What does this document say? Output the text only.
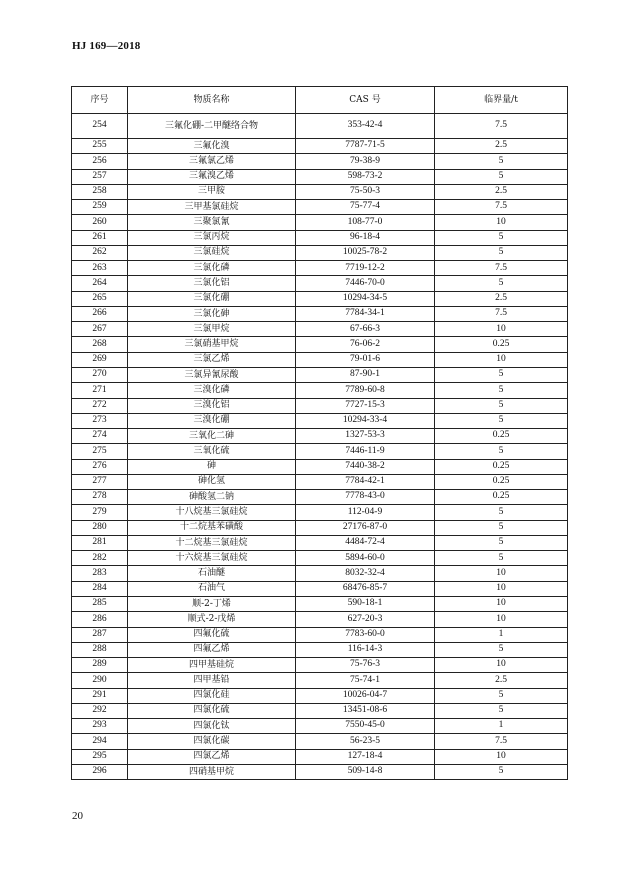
HJ 169—2018
序号	物质名称	CAS 号	临界量/t
254	三氟化硼-二甲醚络合物	353-42-4	7.5
255	三氟化溴	7787-71-5	2.5
256	三氟氯乙烯	79-38-9	5
257	三氟溴乙烯	598-73-2	5
258	三甲胺	75-50-3	2.5
259	三甲基氯硅烷	75-77-4	7.5
260	三聚氯氰	108-77-0	10
261	三氯丙烷	96-18-4	5
262	三氯硅烷	10025-78-2	5
263	三氯化磷	7719-12-2	7.5
264	三氯化铝	7446-70-0	5
265	三氯化硼	10294-34-5	2.5
266	三氯化砷	7784-34-1	7.5
267	三氯甲烷	67-66-3	10
268	三氯硝基甲烷	76-06-2	0.25
269	三氯乙烯	79-01-6	10
270	三氯异氰尿酸	87-90-1	5
271	三溴化磷	7789-60-8	5
272	三溴化铝	7727-15-3	5
273	三溴化硼	10294-33-4	5
274	三氧化二砷	1327-53-3	0.25
275	三氧化硫	7446-11-9	5
276	砷	7440-38-2	0.25
277	砷化氢	7784-42-1	0.25
278	砷酸氢二钠	7778-43-0	0.25
279	十八烷基三氯硅烷	112-04-9	5
280	十二烷基苯磺酸	27176-87-0	5
281	十二烷基三氯硅烷	4484-72-4	5
282	十六烷基三氯硅烷	5894-60-0	5
283	石油醚	8032-32-4	10
284	石油气	68476-85-7	10
285	顺-2-丁烯	590-18-1	10
286	顺式-2-戊烯	627-20-3	10
287	四氟化硫	7783-60-0	1
288	四氟乙烯	116-14-3	5
289	四甲基硅烷	75-76-3	10
290	四甲基铅	75-74-1	2.5
291	四氯化硅	10026-04-7	5
292	四氯化硫	13451-08-6	5
293	四氯化钛	7550-45-0	1
294	四氯化碳	56-23-5	7.5
295	四氯乙烯	127-18-4	10
296	四硝基甲烷	509-14-8	5
20
